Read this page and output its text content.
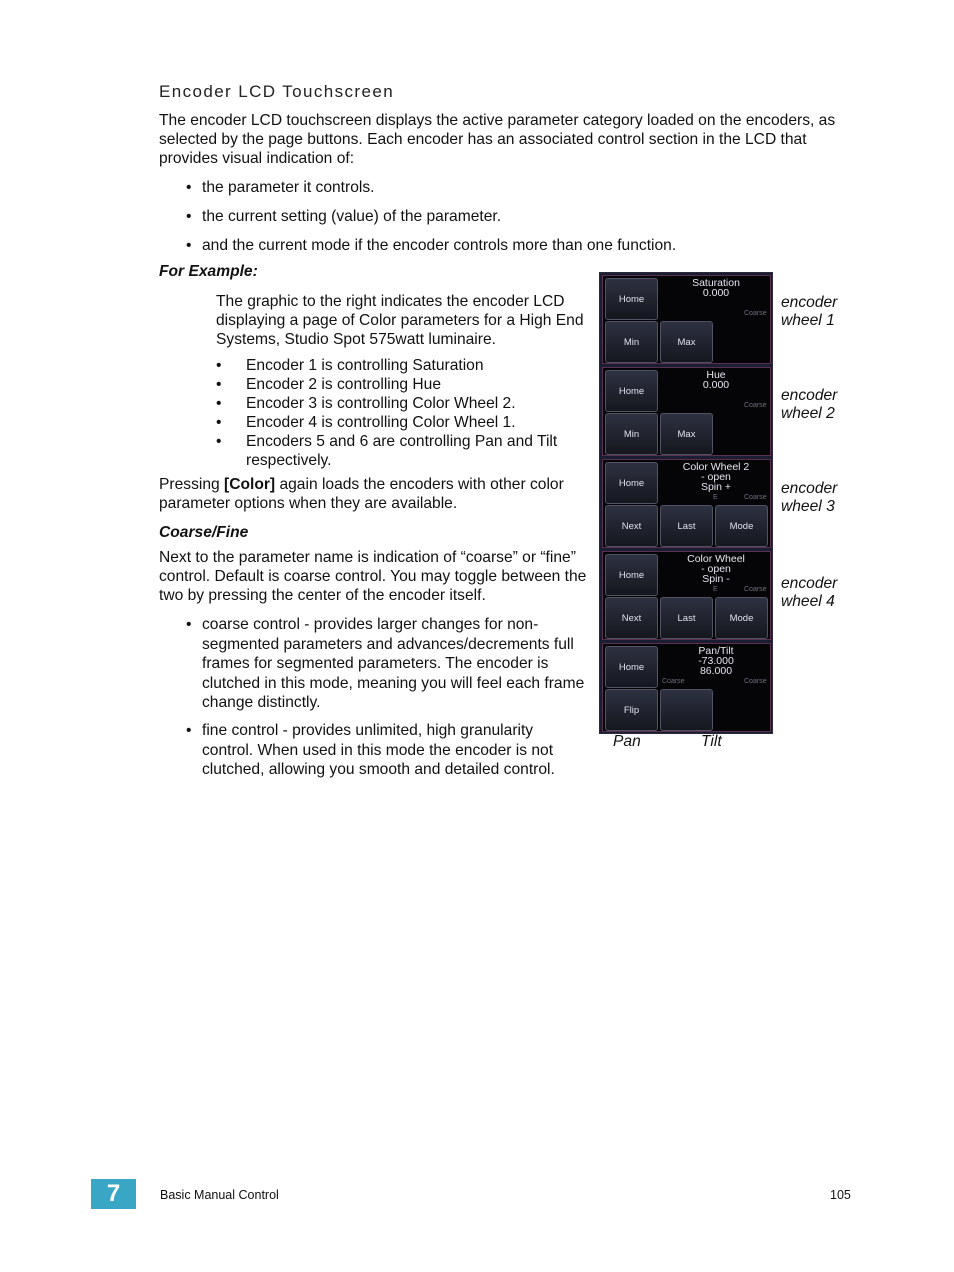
Encoder LCD Touchscreen
The encoder LCD touchscreen displays the active parameter category loaded on the encoders, as selected by the page buttons. Each encoder has an associated control section in the LCD that provides visual indication of:
• the parameter it controls.
• the current setting (value) of the parameter.
• and the current mode if the encoder controls more than one function.
For Example:
The graphic to the right indicates the encoder LCD displaying a page of Color parameters for a High End Systems, Studio Spot 575watt luminaire.
•	Encoder 1 is controlling Saturation
•	Encoder 2 is controlling Hue
•	Encoder 3 is controlling Color Wheel 2.
•	Encoder 4 is controlling Color Wheel 1.
•	Encoders 5 and 6 are controlling Pan and Tilt respectively.
Pressing [Color] again loads the encoders with other color parameter options when they are available.
Coarse/Fine
Next to the parameter name is indication of “coarse” or “fine” control. Default is coarse control. You may toggle between the two by pressing the center of the encoder itself.
• coarse control - provides larger changes for non-segmented parameters and advances/decrements full frames for segmented parameters. The encoder is clutched in this mode, meaning you will feel each frame change distinctly.
• fine control - provides unlimited, high granularity control. When used in this mode the encoder is not clutched, allowing you smooth and detailed control.
Home
Min	Max
Saturation
0.000
Coarse
Home
Min	Max
Hue
0.000
Coarse
Home
Next	Last	Mode
Color Wheel 2
- open
Spin +
E	Coarse
Home
Next	Last	Mode
Color Wheel
- open
Spin -
E	Coarse
Home
Flip
Pan/Tilt
-73.000
86.000
Coarse	Coarse
encoder
wheel 1
encoder
wheel 2
encoder
wheel 3
encoder
wheel 4
Pan	Tilt
7	Basic Manual Control	105
